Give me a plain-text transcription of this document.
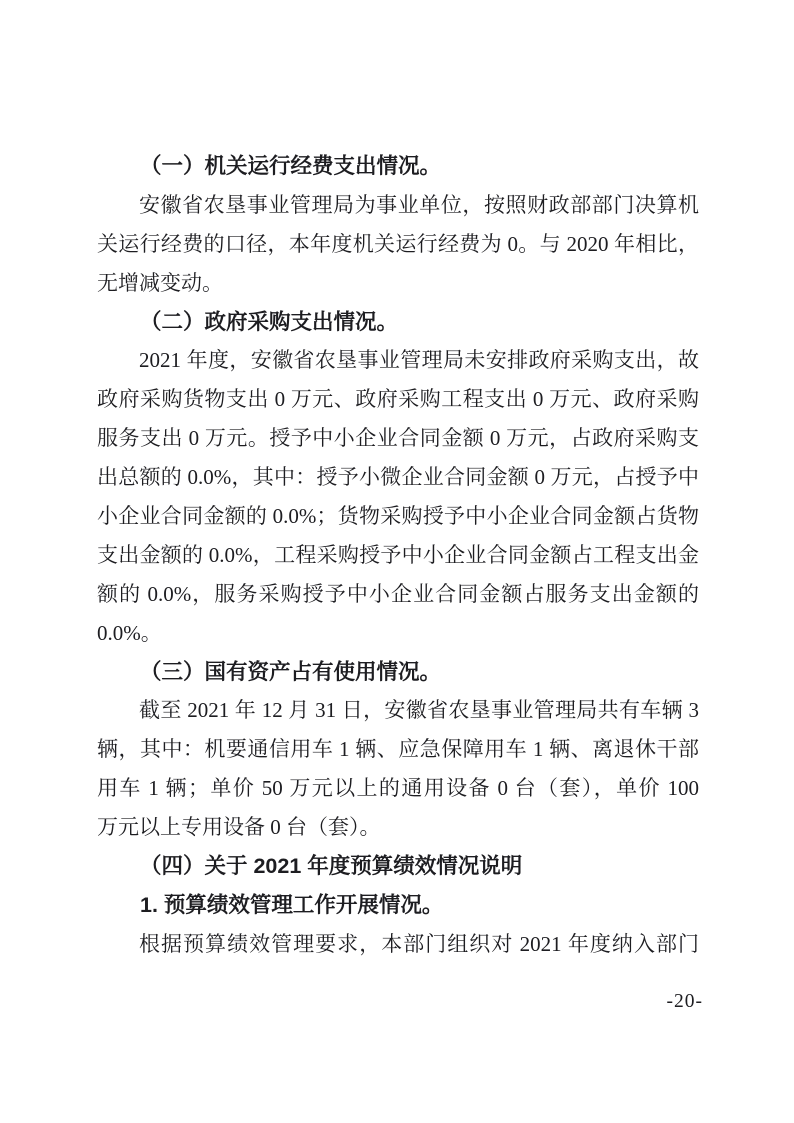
（一）机关运行经费支出情况。
安徽省农垦事业管理局为事业单位，按照财政部部门决算机
关运行经费的口径，本年度机关运行经费为 0。与 2020 年相比，
无增减变动。
（二）政府采购支出情况。
2021 年度，安徽省农垦事业管理局未安排政府采购支出，故
政府采购货物支出 0 万元、政府采购工程支出 0 万元、政府采购
服务支出 0 万元。授予中小企业合同金额 0 万元，占政府采购支
出总额的 0.0%，其中：授予小微企业合同金额 0 万元，占授予中
小企业合同金额的 0.0%；货物采购授予中小企业合同金额占货物
支出金额的 0.0%，工程采购授予中小企业合同金额占工程支出金
额的 0.0%，服务采购授予中小企业合同金额占服务支出金额的
0.0%。
（三）国有资产占有使用情况。
截至 2021 年 12 月 31 日，安徽省农垦事业管理局共有车辆 3
辆，其中：机要通信用车 1 辆、应急保障用车 1 辆、离退休干部
用车 1 辆；单价 50 万元以上的通用设备 0 台（套），单价 100
万元以上专用设备 0 台（套）。
（四）关于 2021 年度预算绩效情况说明
1. 预算绩效管理工作开展情况。
根据预算绩效管理要求，本部门组织对 2021 年度纳入部门
-20-
